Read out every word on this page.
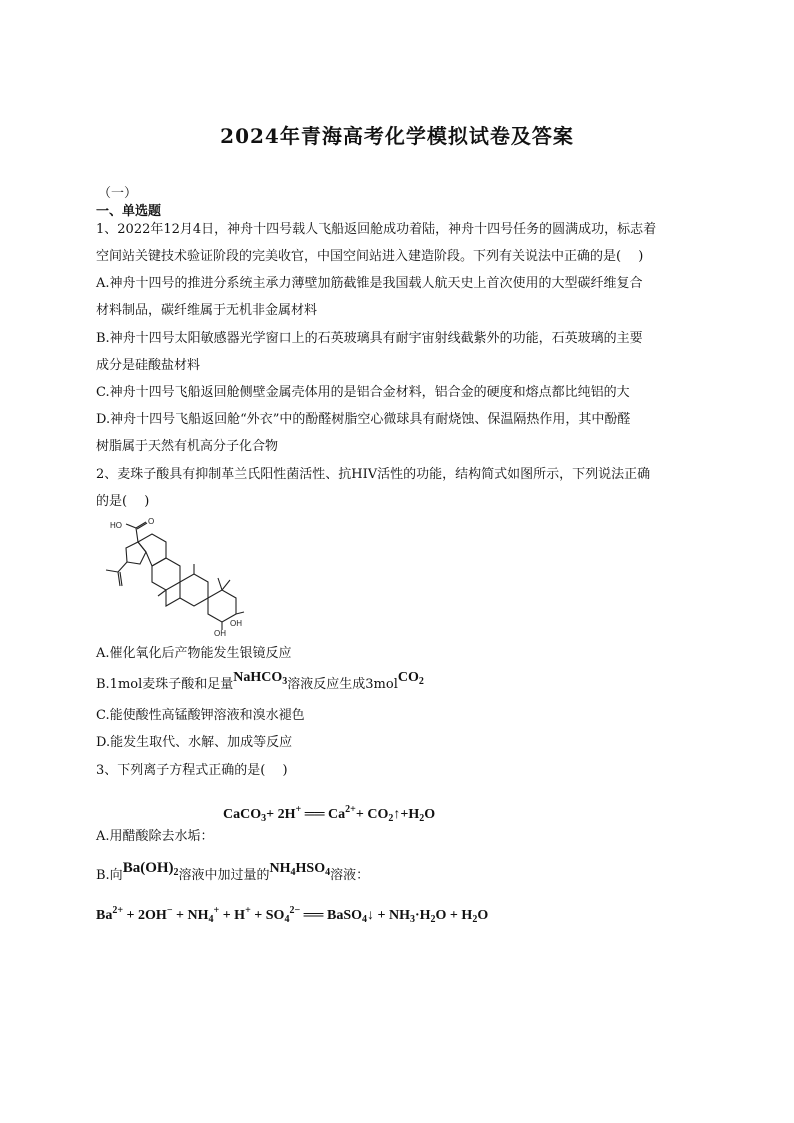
2024年青海高考化学模拟试卷及答案
（一）
一、单选题
1、2022年12月4日，神舟十四号载人飞船返回舱成功着陆，神舟十四号任务的圆满成功，标志着
空间站关键技术验证阶段的完美收官，中国空间站进入建造阶段。下列有关说法中正确的是(　 )
A.神舟十四号的推进分系统主承力薄壁加筋截锥是我国载人航天史上首次使用的大型碳纤维复合
材料制品，碳纤维属于无机非金属材料
B.神舟十四号太阳敏感器光学窗口上的石英玻璃具有耐宇宙射线截紫外的功能，石英玻璃的主要
成分是硅酸盐材料
C.神舟十四号飞船返回舱侧壁金属壳体用的是铝合金材料，铝合金的硬度和熔点都比纯铝的大
D.神舟十四号飞船返回舱“外衣”中的酚醛树脂空心微球具有耐烧蚀、保温隔热作用，其中酚醛
树脂属于天然有机高分子化合物
2、麦珠子酸具有抑制革兰氏阳性菌活性、抗HIV活性的功能，结构简式如图所示，下列说法正确
的是(　 )
HO	O
OH
OH
A.催化氧化后产物能发生银镜反应
B.1mol麦珠子酸和足量NaHCO$_3$溶液反应生成3molCO$_2$
C.能使酸性高锰酸钾溶液和溴水褪色
D.能发生取代、水解、加成等反应
3、下列离子方程式正确的是(　 )
CaCO$_3$+ 2H+ ══ $Ca^{2+}+$ $CO_2↑+H_2O$
A.用醋酸除去水垢：
B.向$Ba(OH)_2$溶液中加过量的$NH_4HSO_4$溶液：
$Ba^{2+} + 2OH^- + NH_4^+ + H^+ + SO_4^{2-}$ ══ BaSO$_4$↓ + $NH_3\cdot H_2O + H_2O$
